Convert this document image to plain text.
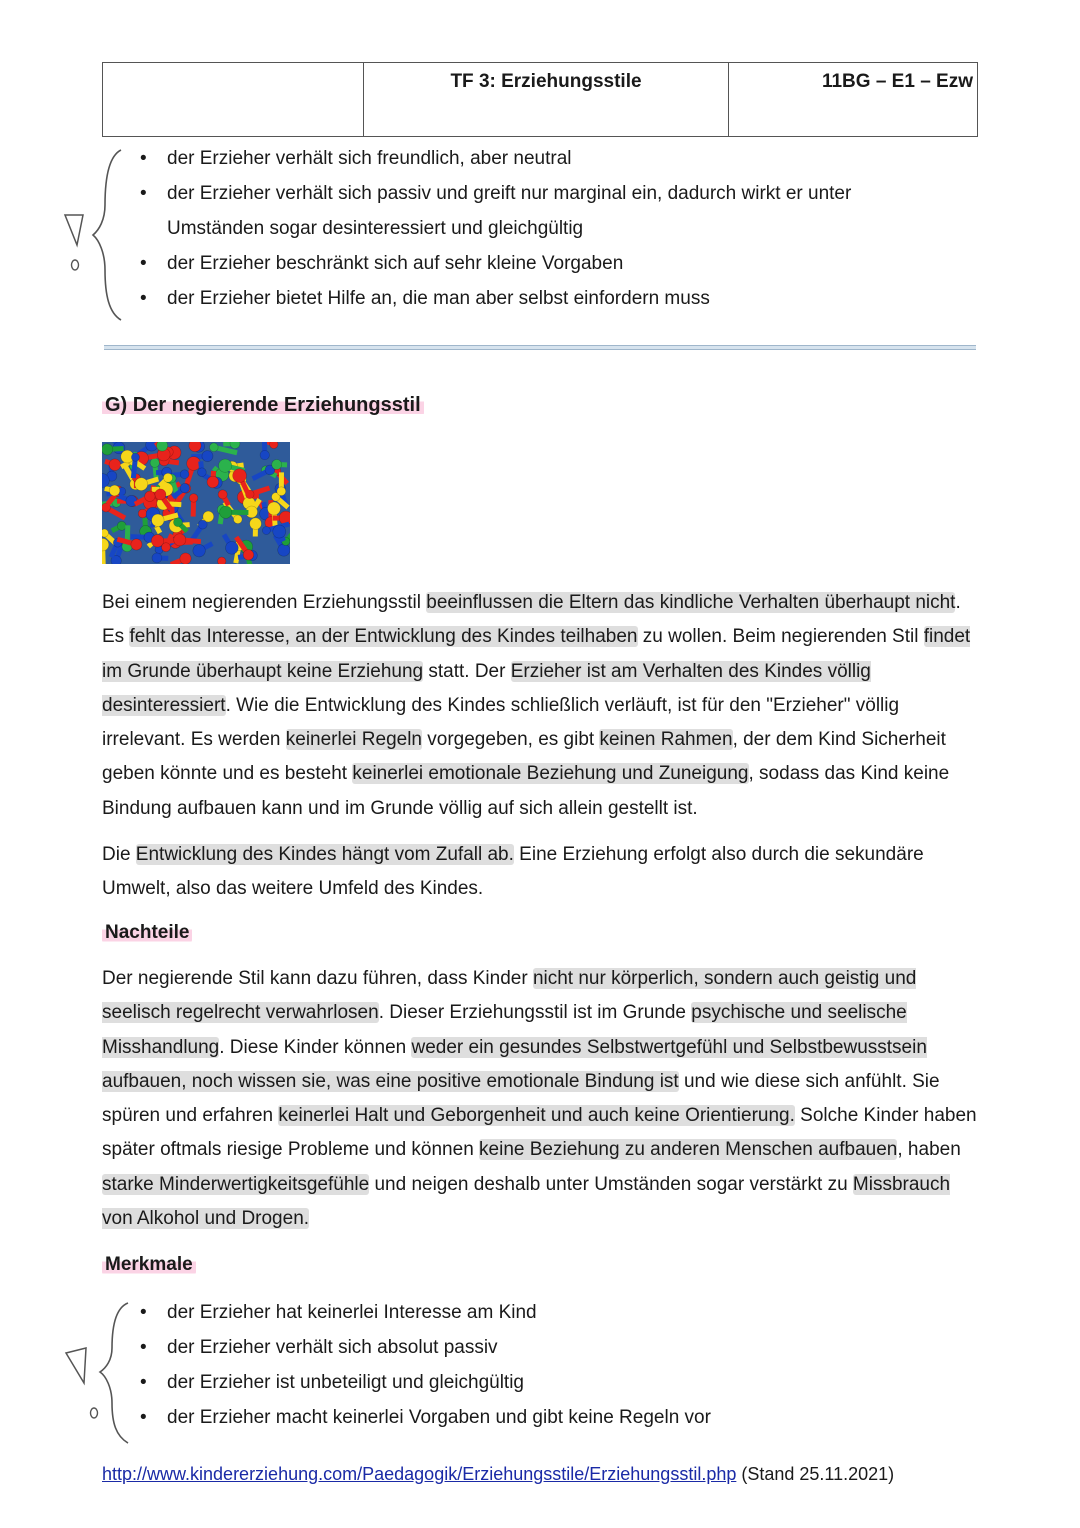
TF 3: Erziehungsstile	11BG – E1 – Ezw
• der Erzieher verhält sich freundlich, aber neutral
• der Erzieher verhält sich passiv und greift nur marginal ein, dadurch wirkt er unter Umständen sogar desinteressiert und gleichgültig
• der Erzieher beschränkt sich auf sehr kleine Vorgaben
• der Erzieher bietet Hilfe an, die man aber selbst einfordern muss
G) Der negierende Erziehungsstil

Bei einem negierenden Erziehungsstil beeinflussen die Eltern das kindliche Verhalten überhaupt nicht. Es fehlt das Interesse, an der Entwicklung des Kindes teilhaben zu wollen. Beim negierenden Stil findet im Grunde überhaupt keine Erziehung statt. Der Erzieher ist am Verhalten des Kindes völlig desinteressiert. Wie die Entwicklung des Kindes schließlich verläuft, ist für den "Erzieher" völlig irrelevant. Es werden keinerlei Regeln vorgegeben, es gibt keinen Rahmen, der dem Kind Sicherheit geben könnte und es besteht keinerlei emotionale Beziehung und Zuneigung, sodass das Kind keine Bindung aufbauen kann und im Grunde völlig auf sich allein gestellt ist.

Die Entwicklung des Kindes hängt vom Zufall ab. Eine Erziehung erfolgt also durch die sekundäre Umwelt, also das weitere Umfeld des Kindes.

Nachteile

Der negierende Stil kann dazu führen, dass Kinder nicht nur körperlich, sondern auch geistig und seelisch regelrecht verwahrlosen. Dieser Erziehungsstil ist im Grunde psychische und seelische Misshandlung. Diese Kinder können weder ein gesundes Selbstwertgefühl und Selbstbewusstsein aufbauen, noch wissen sie, was eine positive emotionale Bindung ist und wie diese sich anfühlt. Sie spüren und erfahren keinerlei Halt und Geborgenheit und auch keine Orientierung. Solche Kinder haben später oftmals riesige Probleme und können keine Beziehung zu anderen Menschen aufbauen, haben starke Minderwertigkeitsgefühle und neigen deshalb unter Umständen sogar verstärkt zu Missbrauch von Alkohol und Drogen.

Merkmale
• der Erzieher hat keinerlei Interesse am Kind
• der Erzieher verhält sich absolut passiv
• der Erzieher ist unbeteiligt und gleichgültig
• der Erzieher macht keinerlei Vorgaben und gibt keine Regeln vor
http://www.kindererziehung.com/Paedagogik/Erziehungsstile/Erziehungsstil.php (Stand 25.11.2021)
